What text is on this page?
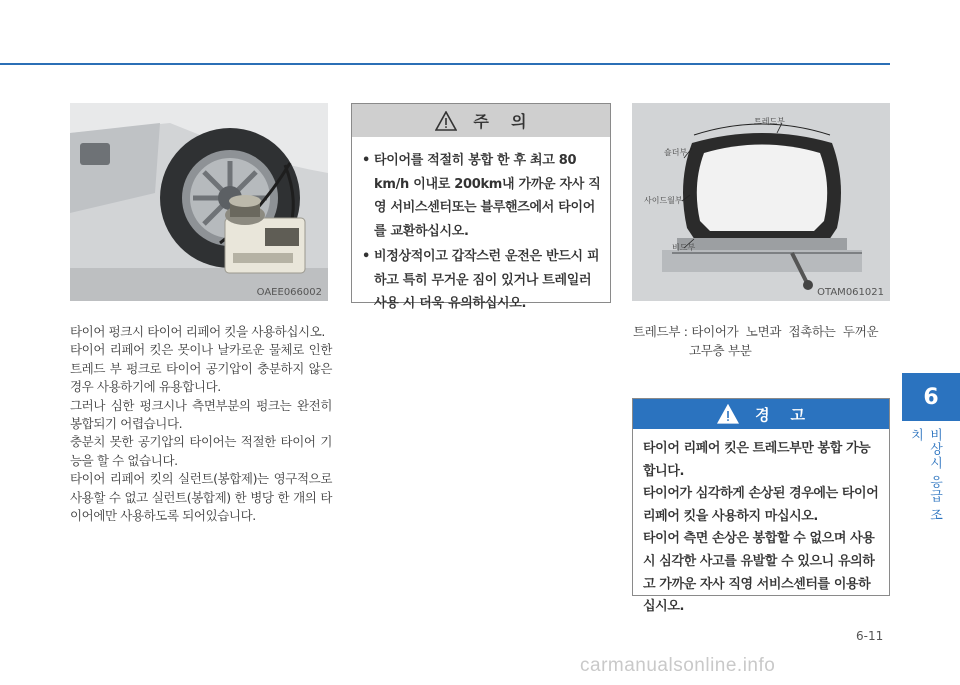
OAEE066002
주    의
• 타이어를 적절히 봉합 한 후 최고 80 km/h 이내로 200km내 가까운 자사 직영 서비스센터또는 블루핸즈에서 타이어를 교환하십시오.
• 비정상적이고 갑작스런 운전은 반드시 피하고 특히 무거운 짐이 있거나 트레일러 사용 시 더욱 유의하십시오.
트레드부
숄더부
사이드월부
비드부
OTAM061021

타이어 펑크시 타이어 리페어 킷을 사용하십시오.

타이어 리페어 킷은 못이나 날카로운 물체로 인한 트레드 부 펑크로 타이어 공기압이 충분하지 않은 경우 사용하기에 유용합니다.

그러나 심한 펑크시나 측면부분의 펑크는 완전히 봉합되기 어렵습니다.

충분치 못한 공기압의 타이어는 적절한 타이어 기능을 할 수 없습니다.

타이어 리페어 킷의 실런트(봉합제)는 영구적으로 사용할 수 없고 실런트(봉합제) 한 병당 한 개의 타이어에만 사용하도록 되어있습니다.

트레드부 : 타이어가  노면과  접촉하는  두꺼운
고무층 부분
경    고

타이어 리페어 킷은 트레드부만 봉합 가능합니다.

타이어가 심각하게 손상된 경우에는 타이어 리페어 킷을 사용하지 마십시오.

타이어 측면 손상은 봉합할 수 없으며 사용시 심각한 사고를 유발할 수 있으니 유의하고 가까운 자사 직영 서비스센터를 이용하십시오.

6
비상시 응급 조치
6-11
carmanualsonline.info
